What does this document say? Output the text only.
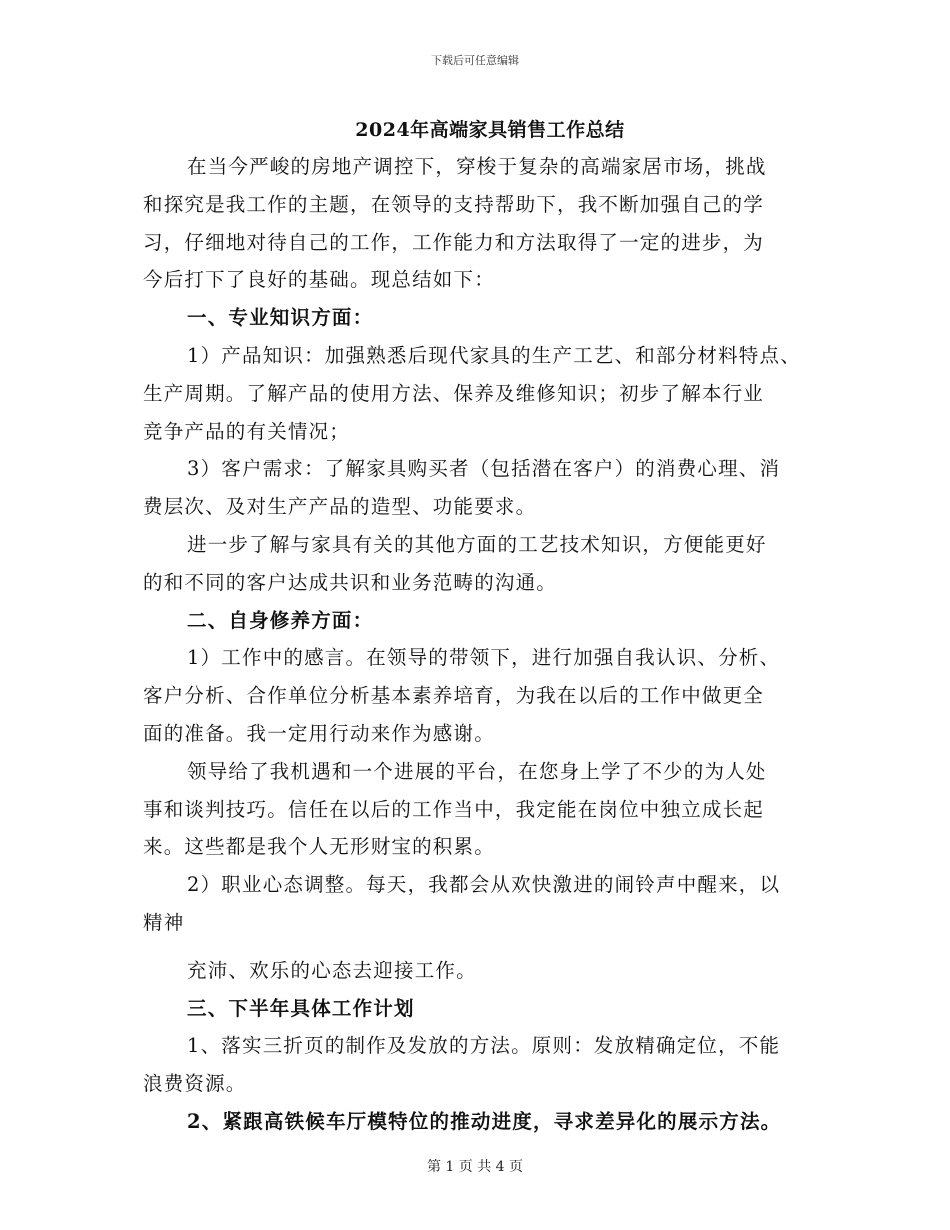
下载后可任意编辑
2024年高端家具销售工作总结
在当今严峻的房地产调控下，穿梭于复杂的高端家居市场，挑战
和探究是我工作的主题，在领导的支持帮助下，我不断加强自己的学
习，仔细地对待自己的工作，工作能力和方法取得了一定的进步，为
今后打下了良好的基础。现总结如下：
一、专业知识方面：
1）产品知识：加强熟悉后现代家具的生产工艺、和部分材料特点、
生产周期。了解产品的使用方法、保养及维修知识；初步了解本行业
竞争产品的有关情况；
3）客户需求：了解家具购买者（包括潜在客户）的消费心理、消
费层次、及对生产产品的造型、功能要求。
进一步了解与家具有关的其他方面的工艺技术知识，方便能更好
的和不同的客户达成共识和业务范畴的沟通。
二、自身修养方面：
1）工作中的感言。在领导的带领下，进行加强自我认识、分析、
客户分析、合作单位分析基本素养培育，为我在以后的工作中做更全
面的准备。我一定用行动来作为感谢。
领导给了我机遇和一个进展的平台，在您身上学了不少的为人处
事和谈判技巧。信任在以后的工作当中，我定能在岗位中独立成长起
来。这些都是我个人无形财宝的积累。
2）职业心态调整。每天，我都会从欢快激进的闹铃声中醒来，以
精神
充沛、欢乐的心态去迎接工作。
三、下半年具体工作计划
1、落实三折页的制作及发放的方法。原则：发放精确定位，不能
浪费资源。
2、紧跟高铁候车厅模特位的推动进度，寻求差异化的展示方法。
第 1 页 共 4 页
